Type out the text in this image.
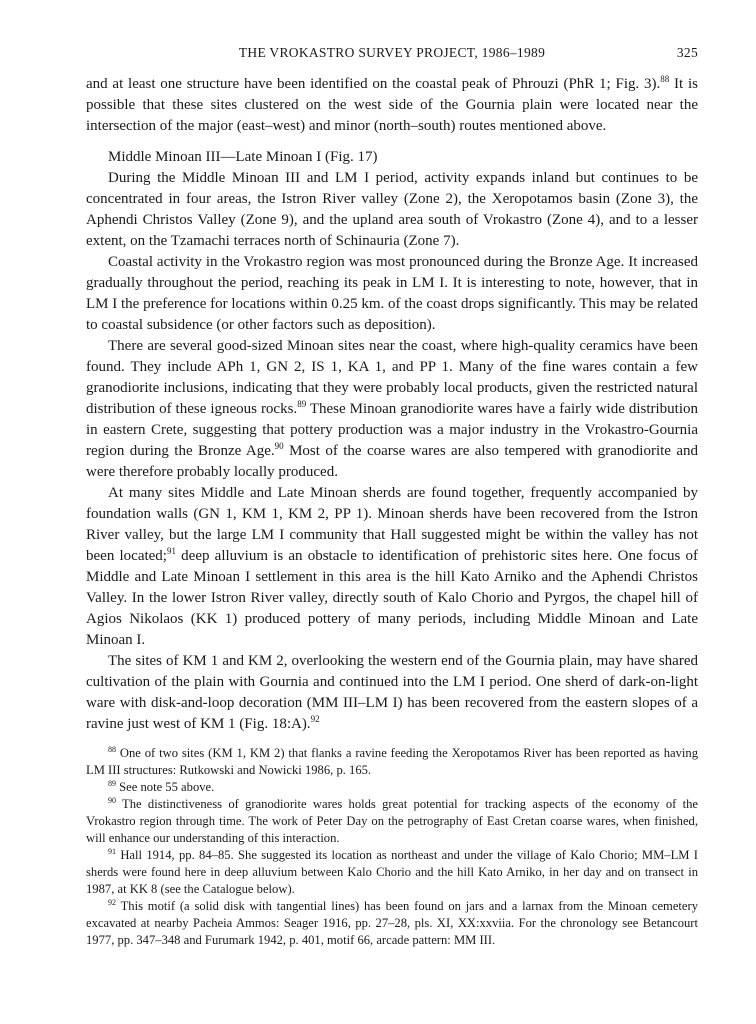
THE VROKASTRO SURVEY PROJECT, 1986–1989	325

and at least one structure have been identified on the coastal peak of Phrouzi (PhR 1; Fig. 3).$^{88}$ It is possible that these sites clustered on the west side of the Gournia plain were located near the intersection of the major (east–west) and minor (north–south) routes mentioned above.

Middle Minoan III—Late Minoan I (Fig. 17)

During the Middle Minoan III and LM I period, activity expands inland but continues to be concentrated in four areas, the Istron River valley (Zone 2), the Xeropotamos basin (Zone 3), the Aphendi Christos Valley (Zone 9), and the upland area south of Vrokastro (Zone 4), and to a lesser extent, on the Tzamachi terraces north of Schinauria (Zone 7).

Coastal activity in the Vrokastro region was most pronounced during the Bronze Age. It increased gradually throughout the period, reaching its peak in LM I. It is interesting to note, however, that in LM I the preference for locations within 0.25 km. of the coast drops significantly. This may be related to coastal subsidence (or other factors such as deposition).

There are several good-sized Minoan sites near the coast, where high-quality ceramics have been found. They include APh 1, GN 2, IS 1, KA 1, and PP 1. Many of the fine wares contain a few granodiorite inclusions, indicating that they were probably local products, given the restricted natural distribution of these igneous rocks.$^{89}$ These Minoan granodiorite wares have a fairly wide distribution in eastern Crete, suggesting that pottery production was a major industry in the Vrokastro-Gournia region during the Bronze Age.$^{90}$ Most of the coarse wares are also tempered with granodiorite and were therefore probably locally produced.

At many sites Middle and Late Minoan sherds are found together, frequently accompanied by foundation walls (GN 1, KM 1, KM 2, PP 1). Minoan sherds have been recovered from the Istron River valley, but the large LM I community that Hall suggested might be within the valley has not been located;$^{91}$ deep alluvium is an obstacle to identification of prehistoric sites here. One focus of Middle and Late Minoan I settlement in this area is the hill Kato Arniko and the Aphendi Christos Valley. In the lower Istron River valley, directly south of Kalo Chorio and Pyrgos, the chapel hill of Agios Nikolaos (KK 1) produced pottery of many periods, including Middle Minoan and Late Minoan I.

The sites of KM 1 and KM 2, overlooking the western end of the Gournia plain, may have shared cultivation of the plain with Gournia and continued into the LM I period. One sherd of dark-on-light ware with disk-and-loop decoration (MM III–LM I) has been recovered from the eastern slopes of a ravine just west of KM 1 (Fig. 18:A).$^{92}$

$^{88}$ One of two sites (KM 1, KM 2) that flanks a ravine feeding the Xeropotamos River has been reported as having LM III structures: Rutkowski and Nowicki 1986, p. 165.

$^{89}$ See note 55 above.

$^{90}$ The distinctiveness of granodiorite wares holds great potential for tracking aspects of the economy of the Vrokastro region through time. The work of Peter Day on the petrography of East Cretan coarse wares, when finished, will enhance our understanding of this interaction.

$^{91}$ Hall 1914, pp. 84–85. She suggested its location as northeast and under the village of Kalo Chorio; MM–LM I sherds were found here in deep alluvium between Kalo Chorio and the hill Kato Arniko, in her day and on transect in 1987, at KK 8 (see the Catalogue below).

$^{92}$ This motif (a solid disk with tangential lines) has been found on jars and a larnax from the Minoan cemetery excavated at nearby Pacheia Ammos: Seager 1916, pp. 27–28, pls. XI, XX:xxviia. For the chronology see Betancourt 1977, pp. 347–348 and Furumark 1942, p. 401, motif 66, arcade pattern: MM III.
